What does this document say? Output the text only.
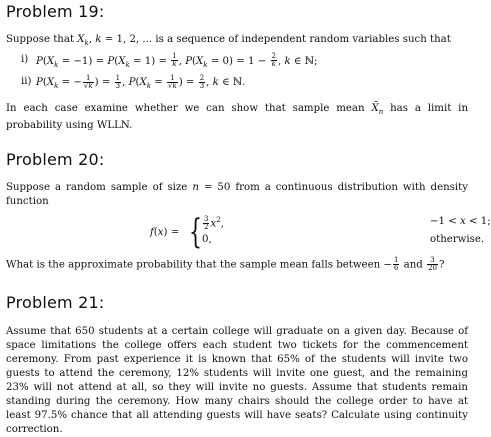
Problem 19:

Suppose that $X_k$, k = 1, 2, ... is a sequence of independent random variables such that

i) $P(X_k = -1) = P(X_k = 1) = \frac{1}{k}$ , $P(X_k = 0) = 1 - \frac{2}{k}$ , k ∈ ℕ;
ii) $P(X_k$ = − $\frac{1}{√k}$ ) = $\frac{1}{3}$ , $P(X_k = \frac{1}{√k}$ ) = $\frac{2}{3}$ , k ∈ ℕ.

In each case examine whether we can show that sample mean $X̄_n$ has a limit in probability using WLLN.

Problem 20:

Suppose a random sample of size n = 50 from a continuous distribution with density function

f(x) = { $\frac{3}{2} x^2$,	−1 < x < 1;
0,	otherwise.

What is the approximate probability that the sample mean falls between − $\frac{1}{6}$ and $\frac{3}{20}$ ?

Problem 21:

Assume that 650 students at a certain college will graduate on a given day. Because of space limitations the college offers each student two tickets for the commencement ceremony. From past experience it is known that 65% of the students will invite two guests to attend the ceremony, 12% students will invite one guest, and the remaining 23% will not attend at all, so they will invite no guests. Assume that students remain standing during the ceremony. How many chairs should the college order to have at least 97.5% chance that all attending guests will have seats? Calculate using continuity correction.
